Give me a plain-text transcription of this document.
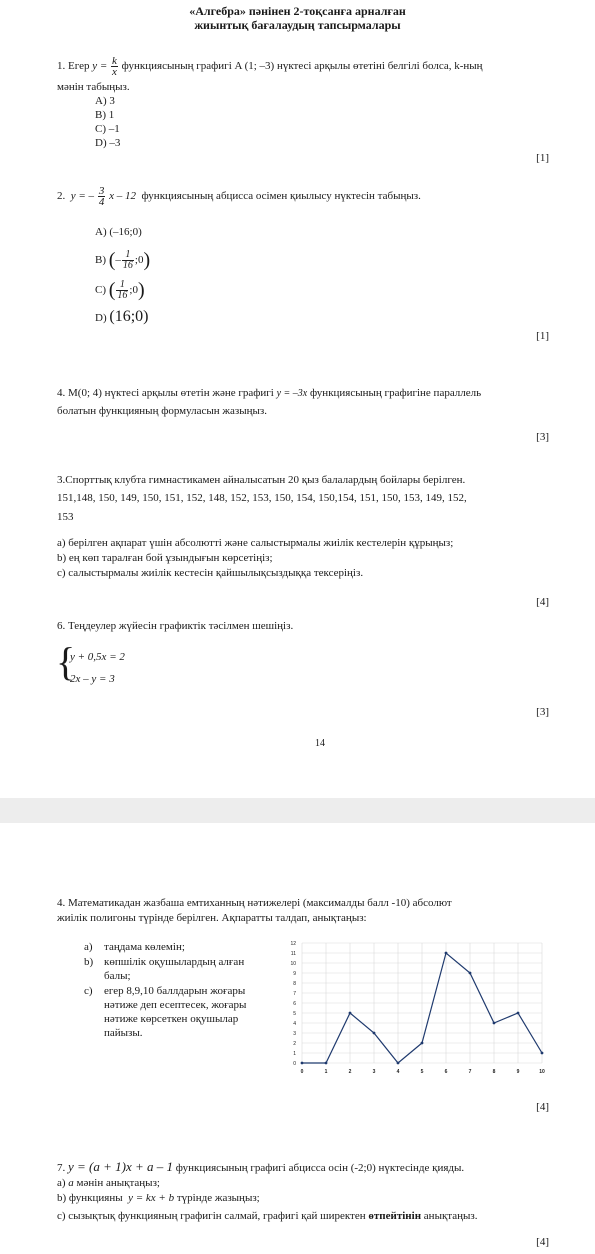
«Алгебра» пәнінен 2-тоқсанға арналған
жиынтық бағалаудың тапсырмалары
1. Егер $y = \frac{k}{x}$ функциясының графигі A (1; –3) нүктесі арқылы өтетіні белгілі болса, k-ның
мәнін табыңыз.
A) 3
B) 1
C) –1
D) –3
[1]
2. y = – $\frac{3}{4}$ x – 12 функциясының абцисса осімен қиылысу нүктесін табыңыз.
A) (–16;0)
B) (– $\frac{1}{16}$ ;0)
C) ( $\frac{1}{16}$ ;0)
D) (16;0)
[1]
4. M(0; 4) нүктесі арқылы өтетін және графигі y = –3x функциясының графигіне параллель
болатын функцияның формуласын жазыңыз.
[3]
3.Спорттық клубта гимнастикамен айналысатын 20 қыз балалардың бойлары берілген.
151,148, 150, 149, 150, 151, 152, 148, 152, 153, 150, 154, 150,154, 151, 150, 153, 149, 152,
153
a) берілген ақпарат үшін абсолютті және салыстырмалы жиілік кестелерін құрыңыз;
b) ең көп таралған бой ұзындығын көрсетіңіз;
c) салыстырмалы жиілік кестесін қайшылықсыздыққа тексеріңіз.
[4]
6. Теңдеулер жүйесін графиктік тәсілмен шешіңіз.
{
y + 0,5x = 2
2x – y = 3
[3]
14
4. Математикадан жазбаша емтиханның нәтижелері (максималды балл -10) абсолют
жиілік полигоны түрінде берілген. Ақпаратты талдап, анықтаңыз:
a) таңдама көлемін;
b) көпшілік оқушылардың алған
балы;
c) егер 8,9,10 баллдарын жоғары
нәтиже деп есептесек, жоғары
нәтиже көрсеткен оқушылар
пайызы.
0
1
2
3
4
5
6
7
8
9
10
11
12
0	1	2	3	4	5	6	7	8	9	10
[4]
7. y = (a + 1)x + a – 1 функциясының графигі абцисса осін (-2;0) нүктесінде қияды.
a) a мәнін анықтаңыз;
b) функцияны y = kx + b түрінде жазыңыз;
c) сызықтық функцияның графигін салмай, графигі қай ширектен өтпейтінін анықтаңыз.
[4]
